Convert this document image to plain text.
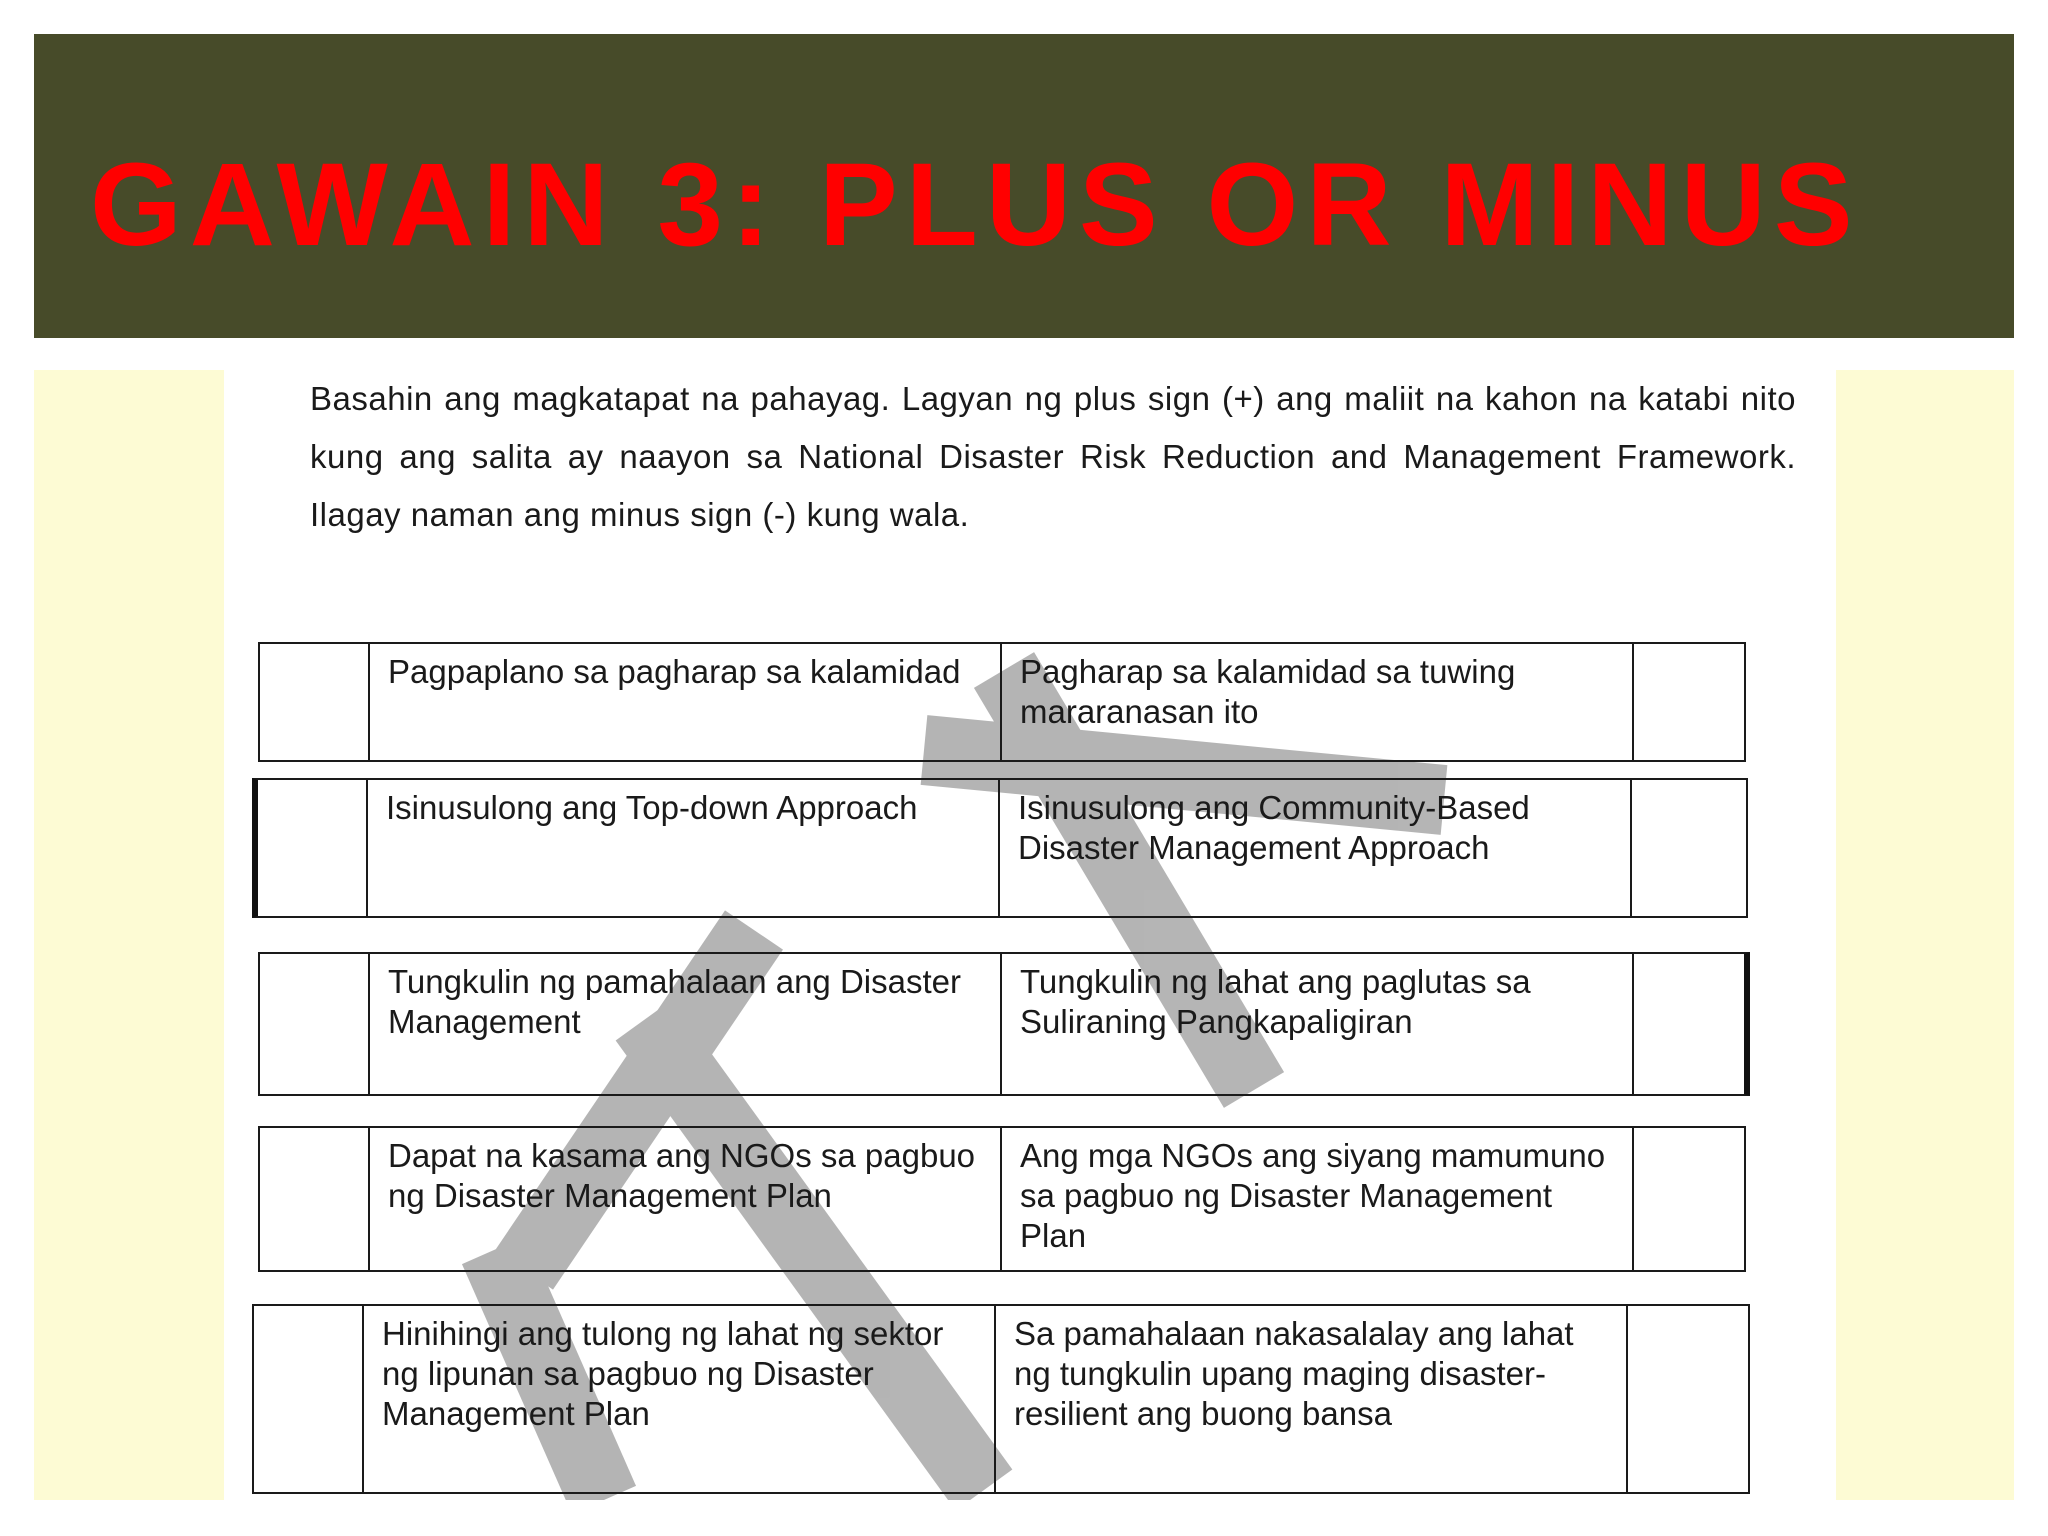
GAWAIN 3: PLUS OR MINUS

Basahin ang magkatapat na pahayag. Lagyan ng plus sign (+) ang maliit na kahon na katabi nito kung ang salita ay naayon sa National Disaster Risk Reduction and Management Framework. Ilagay naman ang minus sign (-) kung wala.

Pagpaplano sa pagharap sa kalamidad	Pagharap sa kalamidad sa tuwing mararanasan ito
Isinusulong ang Top-down Approach	Isinusulong ang Community-Based Disaster Management Approach
Tungkulin ng pamahalaan ang Disaster Management
Tungkulin ng lahat ang paglutas sa Suliraning Pangkapaligiran
Dapat na kasama ang NGOs sa pagbuo ng Disaster Management Plan
Ang mga NGOs ang siyang mamumuno sa pagbuo ng Disaster Management Plan
Hinihingi ang tulong ng lahat ng sektor ng lipunan sa pagbuo ng Disaster Management Plan
Sa pamahalaan nakasalalay ang lahat ng tungkulin upang maging disaster-resilient ang buong bansa
